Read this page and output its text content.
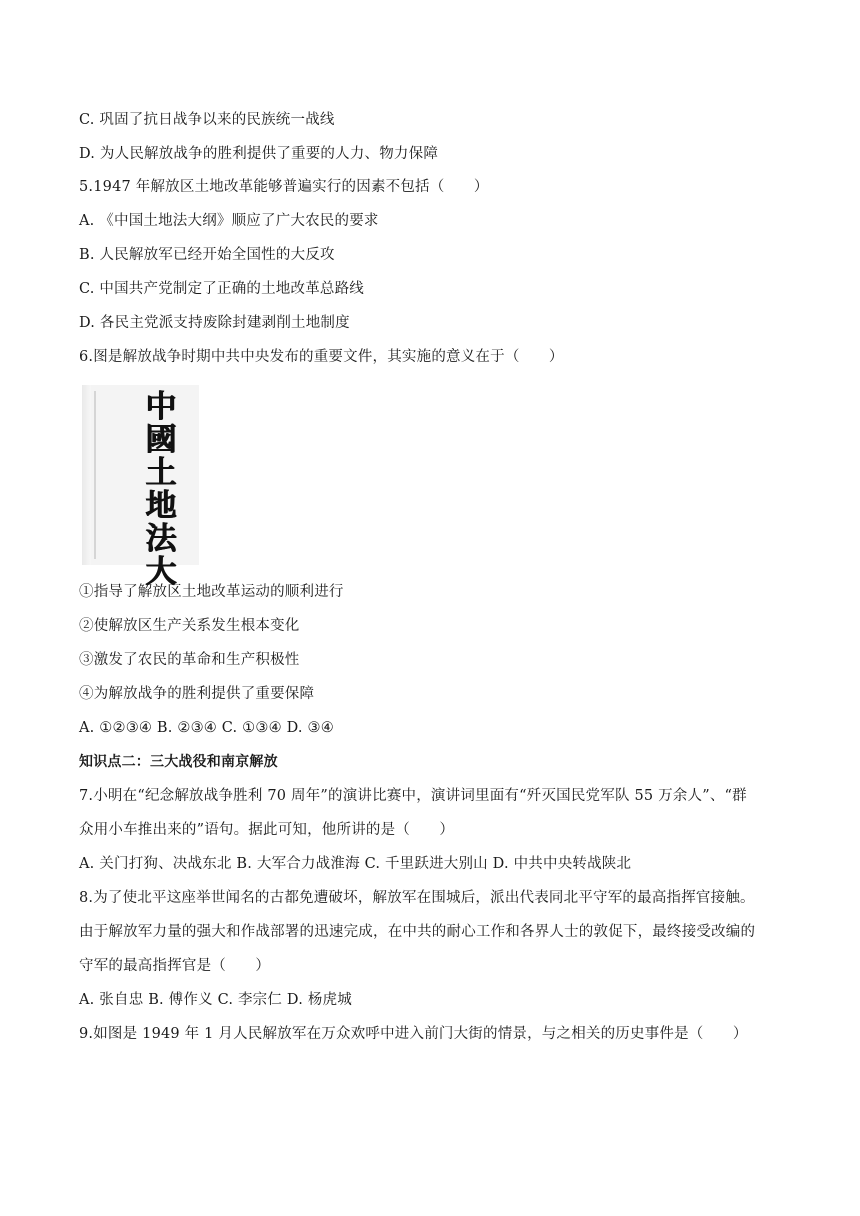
C. 巩固了抗日战争以来的民族统一战线
D. 为人民解放战争的胜利提供了重要的人力、物力保障
5.1947 年解放区土地改革能够普遍实行的因素不包括（　　）
A. 《中国土地法大纲》顺应了广大农民的要求
B. 人民解放军已经开始全国性的大反攻
C. 中国共产党制定了正确的土地改革总路线
D. 各民主党派支持废除封建剥削土地制度
6.图是解放战争时期中共中央发布的重要文件，其实施的意义在于（　　）
中
國
土
地
法
大
①指导了解放区土地改革运动的顺利进行
②使解放区生产关系发生根本变化
③激发了农民的革命和生产积极性
④为解放战争的胜利提供了重要保障
A. ①②③④ B. ②③④ C. ①③④ D. ③④
知识点二：三大战役和南京解放
7.小明在“纪念解放战争胜利 70 周年”的演讲比赛中，演讲词里面有“歼灭国民党军队 55 万余人”、“群
众用小车推出来的”语句。据此可知，他所讲的是（　　）
A. 关门打狗、决战东北 B. 大军合力战淮海 C. 千里跃进大别山 D. 中共中央转战陕北
8.为了使北平这座举世闻名的古都免遭破坏，解放军在围城后，派出代表同北平守军的最高指挥官接触。
由于解放军力量的强大和作战部署的迅速完成，在中共的耐心工作和各界人士的敦促下，最终接受改编的
守军的最高指挥官是（　　）
A. 张自忠 B. 傅作义 C. 李宗仁 D. 杨虎城
9.如图是 1949 年 1 月人民解放军在万众欢呼中进入前门大街的情景，与之相关的历史事件是（　　）
